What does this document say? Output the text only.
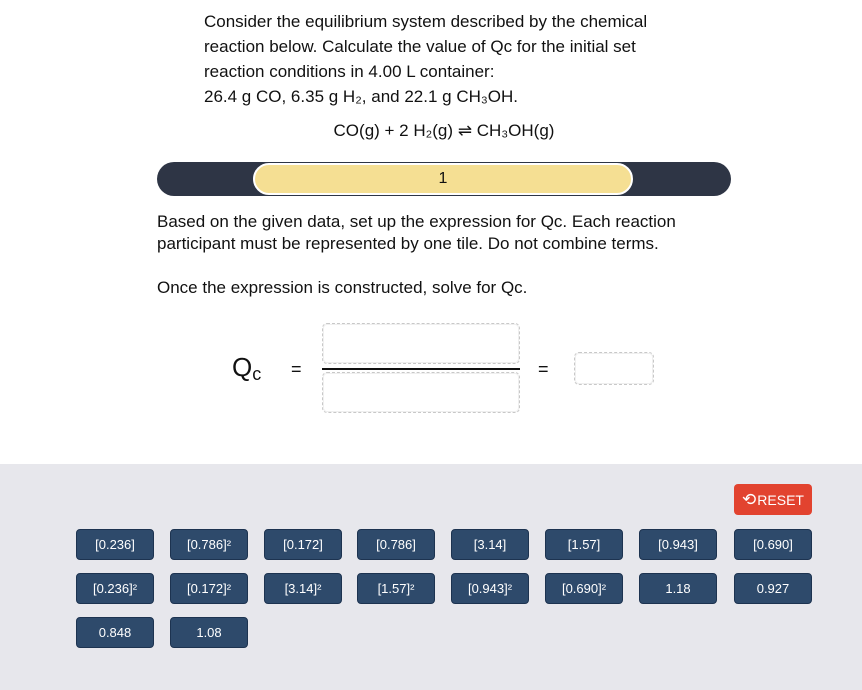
Consider the equilibrium system described by the chemical
reaction below. Calculate the value of Qc for the initial set
reaction conditions in 4.00 L container:
26.4 g CO, 6.35 g H₂, and 22.1 g CH₃OH.
CO(g) + 2 H₂(g) ⇌ CH₃OH(g)
1

Based on the given data, set up the expression for Qc. Each reaction participant must be represented by one tile. Do not combine terms.

Once the expression is constructed, solve for Qc.

$Q_c$ =	=
⟲ RESET
[0.236]	[0.786]²	[0.172]	[0.786]	[3.14]	[1.57]	[0.943]	[0.690]
[0.236]²	[0.172]²	[3.14]²	[1.57]²	[0.943]²	[0.690]²	1.18	0.927
0.848	1.08
